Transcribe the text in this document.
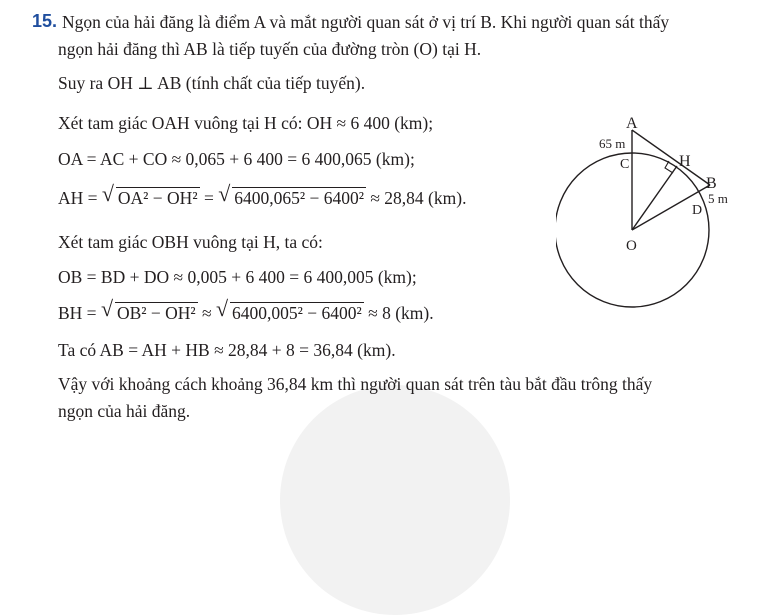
15. Ngọn của hải đăng là điểm A và mắt người quan sát ở vị trí B. Khi người quan sát thấy
ngọn hải đăng thì AB là tiếp tuyến của đường tròn (O) tại H.
Suy ra OH ⊥ AB (tính chất của tiếp tuyến).
Xét tam giác OAH vuông tại H có: OH ≈ 6 400 (km);
OA = AC + CO ≈ 0,065 + 6 400 = 6 400,065 (km);
AH = √ OA² − OH² = √ 6400,065² − 6400² ≈ 28,84 (km).
Xét tam giác OBH vuông tại H, ta có:
OB = BD + DO ≈ 0,005 + 6 400 = 6 400,005 (km);
BH = √ OB² − OH² ≈ √ 6400,005² − 6400² ≈ 8 (km).
Ta có AB = AH + HB ≈ 28,84 + 8 = 36,84 (km).
Vậy với khoảng cách khoảng 36,84 km thì người quan sát trên tàu bắt đầu trông thấy
ngọn của hải đăng.
A
65 m
C	H
B
5 m
D
O
